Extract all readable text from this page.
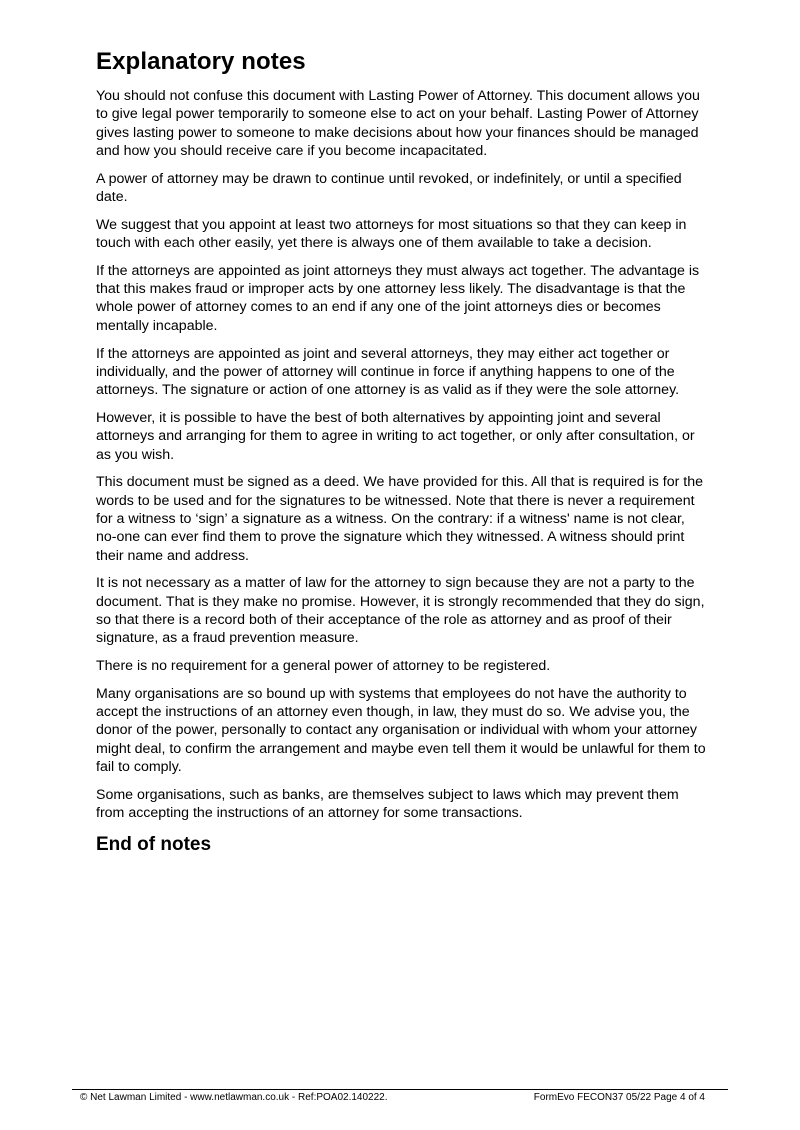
Explanatory notes

You should not confuse this document with Lasting Power of Attorney. This document allows you to give legal power temporarily to someone else to act on your behalf. Lasting Power of Attorney gives lasting power to someone to make decisions about how your finances should be managed and how you should receive care if you become incapacitated.

A power of attorney may be drawn to continue until revoked, or indefinitely, or until a specified date.

We suggest that you appoint at least two attorneys for most situations so that they can keep in touch with each other easily, yet there is always one of them available to take a decision.

If the attorneys are appointed as joint attorneys they must always act together. The advantage is that this makes fraud or improper acts by one attorney less likely. The disadvantage is that the whole power of attorney comes to an end if any one of the joint attorneys dies or becomes mentally incapable.

If the attorneys are appointed as joint and several attorneys, they may either act together or individually, and the power of attorney will continue in force if anything happens to one of the attorneys. The signature or action of one attorney is as valid as if they were the sole attorney.

However, it is possible to have the best of both alternatives by appointing joint and several attorneys and arranging for them to agree in writing to act together, or only after consultation, or as you wish.

This document must be signed as a deed. We have provided for this. All that is required is for the words to be used and for the signatures to be witnessed. Note that there is never a requirement for a witness to ‘sign’ a signature as a witness. On the contrary: if a witness' name is not clear, no-one can ever find them to prove the signature which they witnessed. A witness should print their name and address.

It is not necessary as a matter of law for the attorney to sign because they are not a party to the document. That is they make no promise. However, it is strongly recommended that they do sign, so that there is a record both of their acceptance of the role as attorney and as proof of their signature, as a fraud prevention measure.

There is no requirement for a general power of attorney to be registered.

Many organisations are so bound up with systems that employees do not have the authority to accept the instructions of an attorney even though, in law, they must do so. We advise you, the donor of the power, personally to contact any organisation or individual with whom your attorney might deal, to confirm the arrangement and maybe even tell them it would be unlawful for them to fail to comply.

Some organisations, such as banks, are themselves subject to laws which may prevent them from accepting the instructions of an attorney for some transactions.

End of notes
© Net Lawman Limited - www.netlawman.co.uk - Ref:POA02.140222.	FormEvo FECON37 05/22 Page 4 of 4
